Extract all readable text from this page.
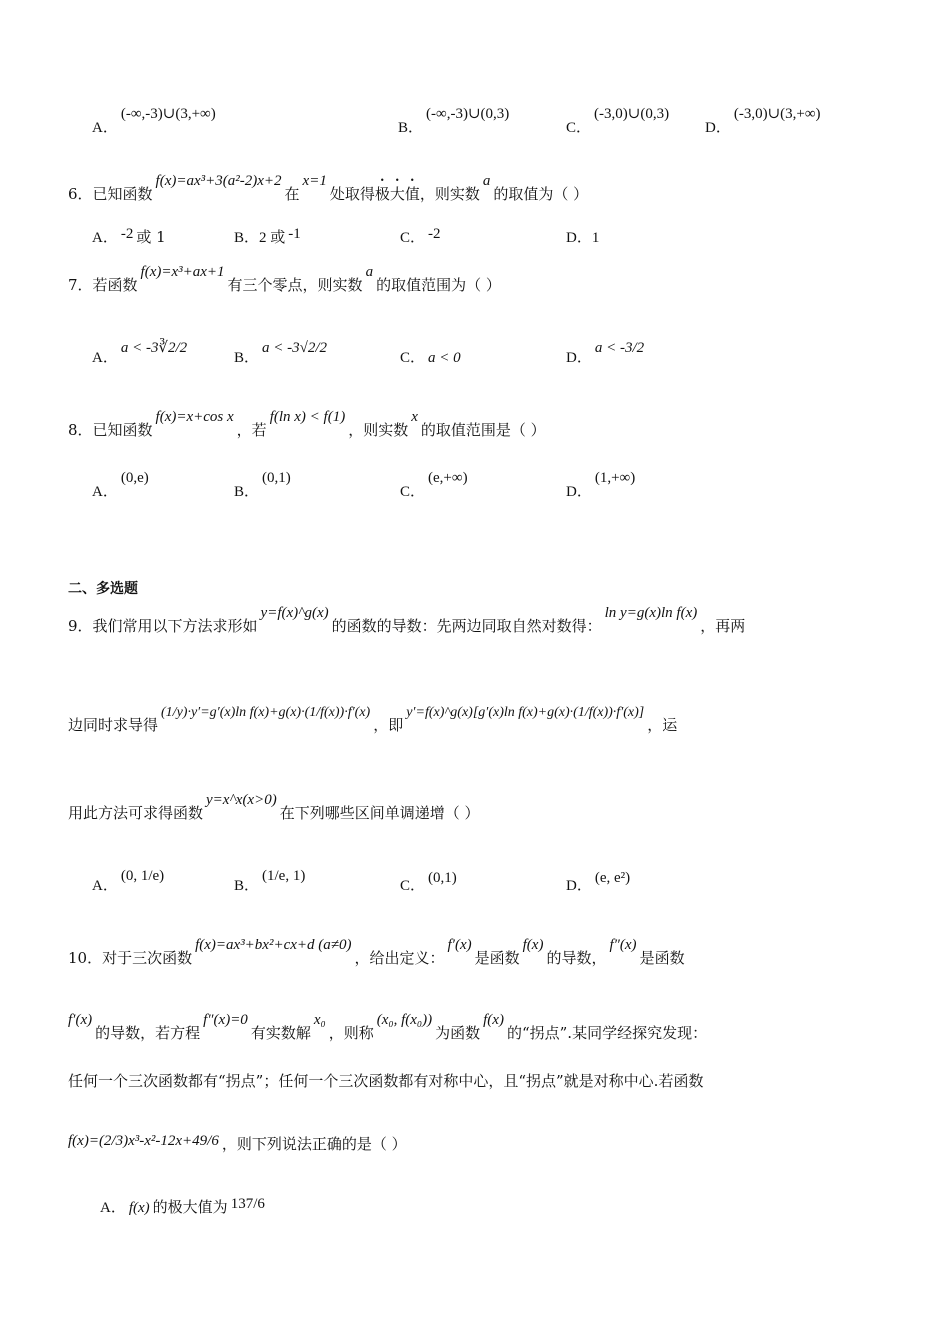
A．(-∞,-3)∪(3,+∞)
B．(-∞,-3)∪(0,3)
C．(-3,0)∪(0,3)
D．(-3,0)∪(3,+∞)
6．已知函数f(x)=ax³+3(a²-2)x+2在x=1处取得极大值，则实数a的取值为（ ）
A． -2 或 1	B．2 或 -1	C． -2	D．1
7．若函数f(x)=x³+ax+1有三个零点，则实数a的取值范围为（ ）
A．a < -3∛2/2
B．a < -3√2/2
C． a < 0	D．a < -3/2
8．已知函数f(x)=x+cos x，若f(ln x) < f(1)，则实数x的取值范围是（ ）
A．(0,e)
B．(0,1)
C．(e,+∞)
D．(1,+∞)
二、多选题
9．我们常用以下方法求形如y=f(x)^g(x)的函数的导数：先两边同取自然对数得：ln y=g(x)ln f(x)，再两
边同时求导得(1/y)·y′=g′(x)ln f(x)+g(x)·(1/f(x))·f′(x)，即y′=f(x)^g(x)[g′(x)ln f(x)+g(x)·(1/f(x))·f′(x)]，运
用此方法可求得函数y=x^x(x>0)在下列哪些区间单调递增（ ）
A．(0, 1/e)
B．(1/e, 1)
C． (0,1)	D． (e, e²)
10．对于三次函数f(x)=ax³+bx²+cx+d (a≠0)，给出定义：f′(x)是函数f(x)的导数，f″(x)是函数
f′(x)的导数，若方程f″(x)=0有实数解x₀，则称(x₀, f(x₀))为函数f(x)的“拐点”.某同学经探究发现：
任何一个三次函数都有“拐点”；任何一个三次函数都有对称中心，且“拐点”就是对称中心.若函数
f(x)=(2/3)x³-x²-12x+49/6 ，则下列说法正确的是（ ）
A． f(x) 的极大值为 137/6
